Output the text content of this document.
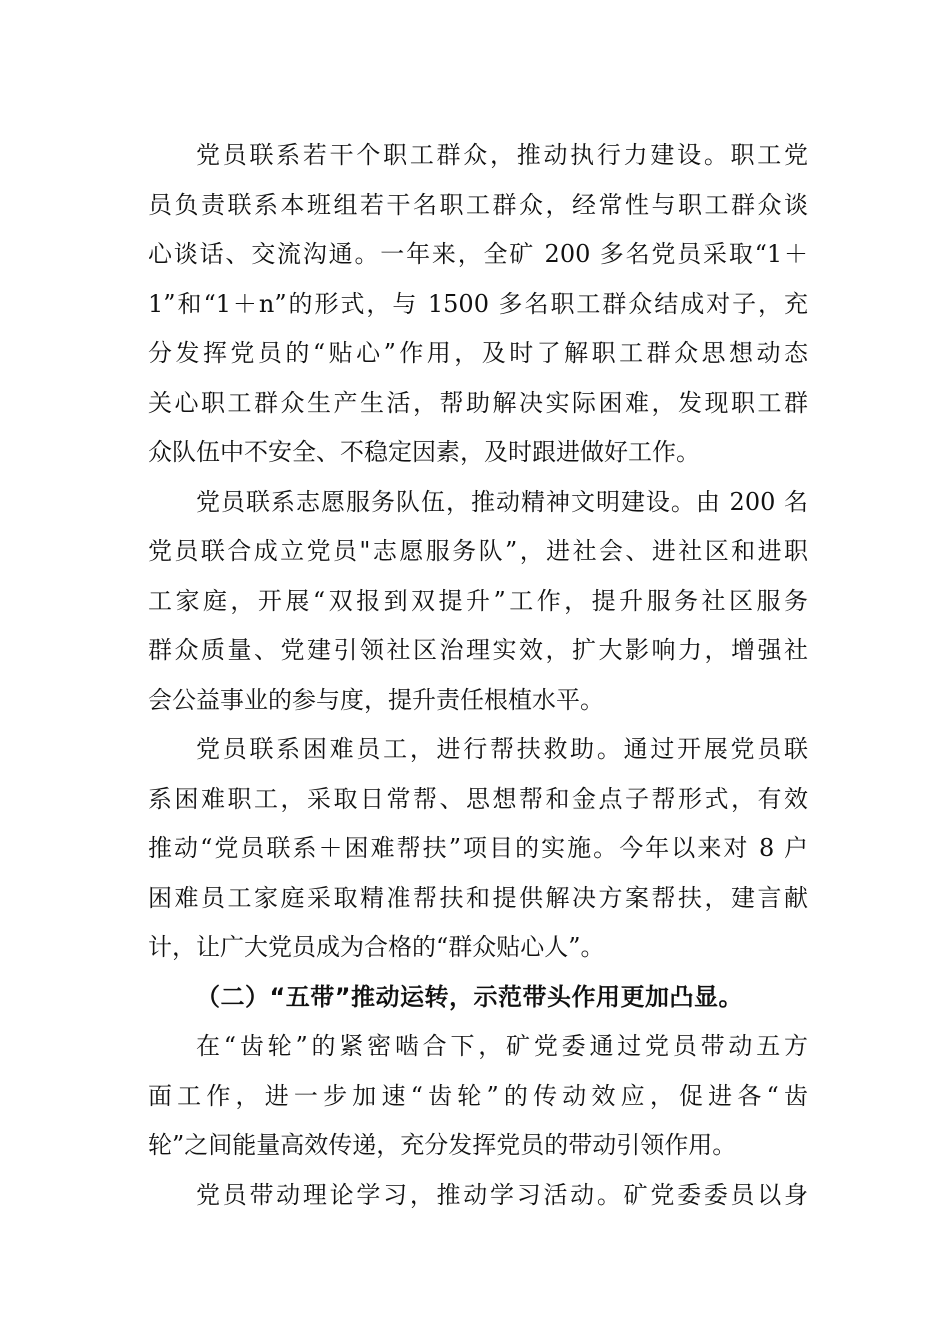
党员联系若干个职工群众，推动执行力建设。职工党
员负责联系本班组若干名职工群众，经常性与职工群众谈
心谈话、交流沟通。一年来，全矿 200 多名党员采取“1＋
1”和“1＋n”的形式，与 1500 多名职工群众结成对子，充
分发挥党员的“贴心”作用，及时了解职工群众思想动态
关心职工群众生产生活，帮助解决实际困难，发现职工群
众队伍中不安全、不稳定因素，及时跟进做好工作。
党员联系志愿服务队伍，推动精神文明建设。由 200 名
党员联合成立党员"志愿服务队”，进社会、进社区和进职
工家庭，开展“双报到双提升”工作，提升服务社区服务
群众质量、党建引领社区治理实效，扩大影响力，增强社
会公益事业的参与度，提升责任根植水平。
党员联系困难员工，进行帮扶救助。通过开展党员联
系困难职工，采取日常帮、思想帮和金点子帮形式，有效
推动“党员联系＋困难帮扶”项目的实施。今年以来对 8 户
困难员工家庭采取精准帮扶和提供解决方案帮扶，建言献
计，让广大党员成为合格的“群众贴心人”。
（二）“五带”推动运转，示范带头作用更加凸显。
在“齿轮”的紧密啮合下，矿党委通过党员带动五方
面工作，进一步加速“齿轮”的传动效应，促进各“齿
轮”之间能量高效传递，充分发挥党员的带动引领作用。
党员带动理论学习，推动学习活动。矿党委委员以身
